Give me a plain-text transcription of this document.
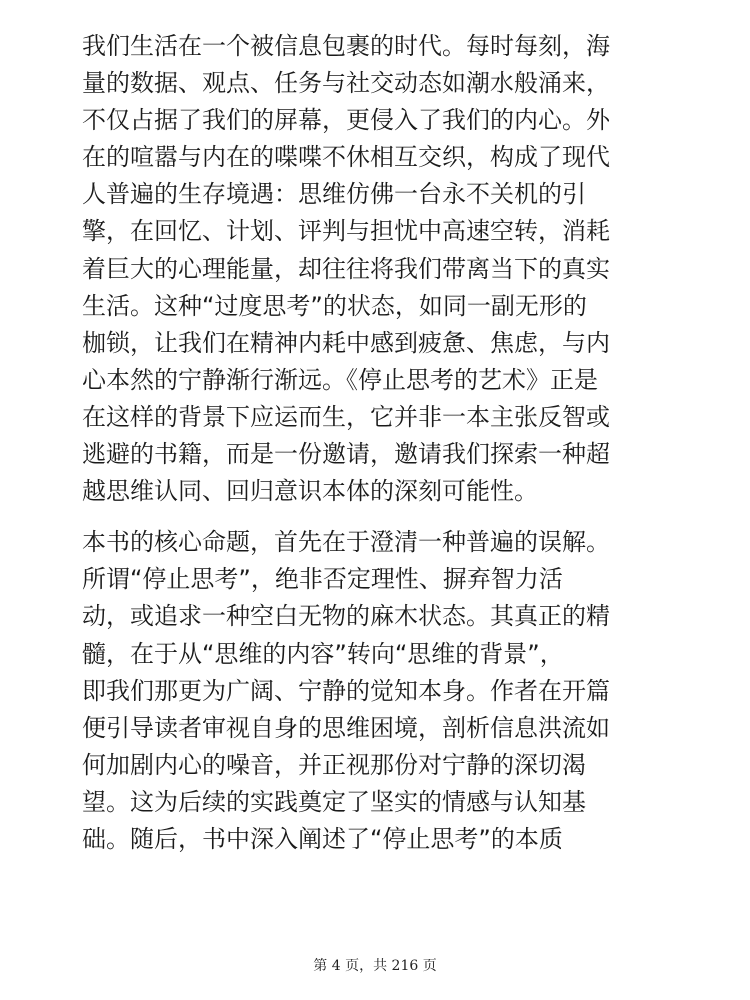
我们生活在一个被信息包裹的时代。每时每刻，海
量的数据、观点、任务与社交动态如潮水般涌来，
不仅占据了我们的屏幕，更侵入了我们的内心。外
在的喧嚣与内在的喋喋不休相互交织，构成了现代
人普遍的生存境遇：思维仿佛一台永不关机的引
擎，在回忆、计划、评判与担忧中高速空转，消耗
着巨大的心理能量，却往往将我们带离当下的真实
生活。这种“过度思考”的状态，如同一副无形的
枷锁，让我们在精神内耗中感到疲惫、焦虑，与内
心本然的宁静渐行渐远。《停止思考的艺术》正是
在这样的背景下应运而生，它并非一本主张反智或
逃避的书籍，而是一份邀请，邀请我们探索一种超
越思维认同、回归意识本体的深刻可能性。

本书的核心命题，首先在于澄清一种普遍的误解。
所谓“停止思考”，绝非否定理性、摒弃智力活
动，或追求一种空白无物的麻木状态。其真正的精
髓，在于从“思维的内容”转向“思维的背景”，
即我们那更为广阔、宁静的觉知本身。作者在开篇
便引导读者审视自身的思维困境，剖析信息洪流如
何加剧内心的噪音，并正视那份对宁静的深切渴
望。这为后续的实践奠定了坚实的情感与认知基
础。随后，书中深入阐述了“停止思考”的本质

第 4 页，共 216 页
